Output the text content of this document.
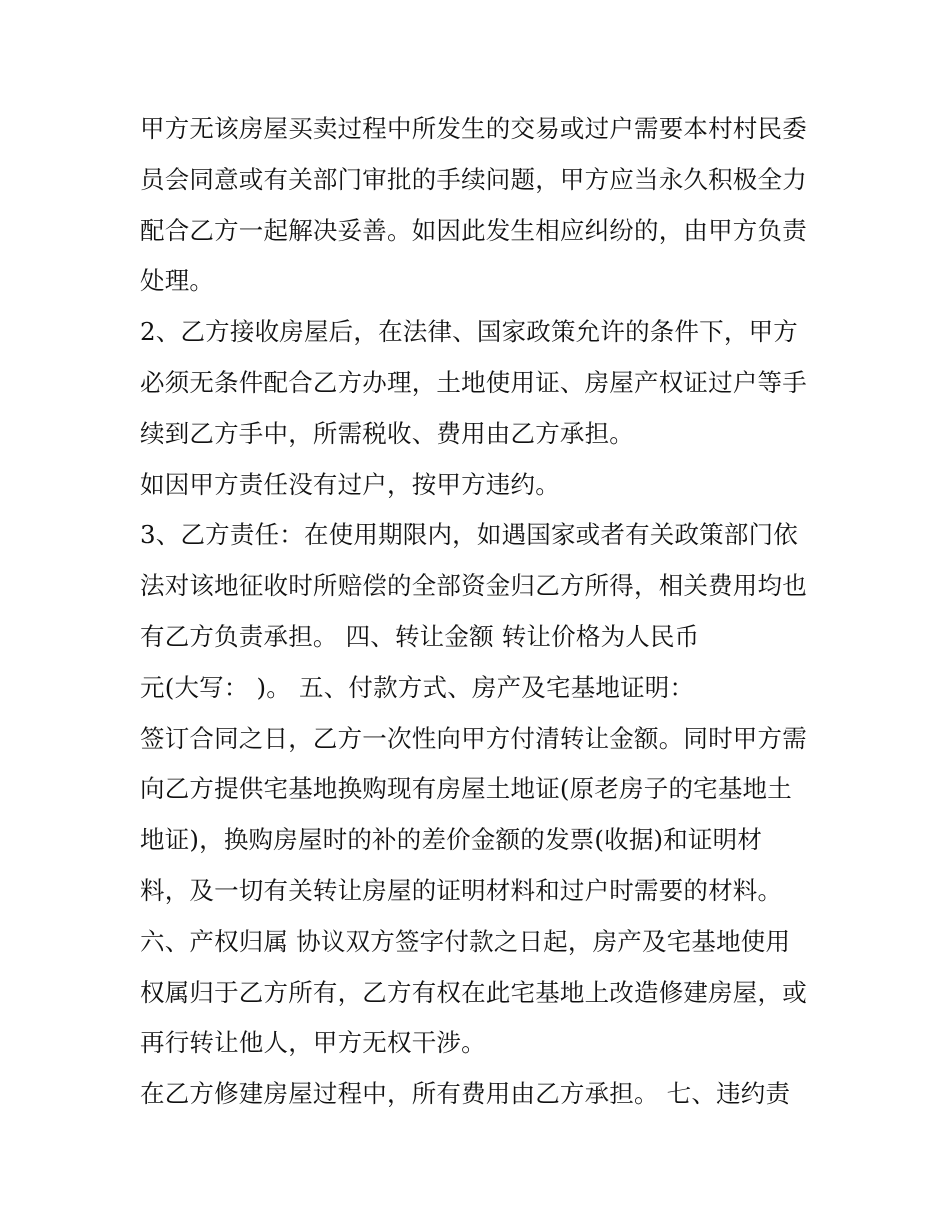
甲方无该房屋买卖过程中所发生的交易或过户需要本村村民委
员会同意或有关部门审批的手续问题，甲方应当永久积极全力
配合乙方一起解决妥善。如因此发生相应纠纷的，由甲方负责
处理。
2、乙方接收房屋后，在法律、国家政策允许的条件下，甲方
必须无条件配合乙方办理，土地使用证、房屋产权证过户等手
续到乙方手中，所需税收、费用由乙方承担。
如因甲方责任没有过户，按甲方违约。
3、乙方责任：在使用期限内，如遇国家或者有关政策部门依
法对该地征收时所赔偿的全部资金归乙方所得，相关费用均也
有乙方负责承担。 四、转让金额 转让价格为人民币
元(大写： )。 五、付款方式、房产及宅基地证明：
签订合同之日，乙方一次性向甲方付清转让金额。同时甲方需
向乙方提供宅基地换购现有房屋土地证(原老房子的宅基地土
地证)，换购房屋时的补的差价金额的发票(收据)和证明材
料，及一切有关转让房屋的证明材料和过户时需要的材料。
六、产权归属 协议双方签字付款之日起，房产及宅基地使用
权属归于乙方所有，乙方有权在此宅基地上改造修建房屋，或
再行转让他人，甲方无权干涉。
在乙方修建房屋过程中，所有费用由乙方承担。 七、违约责
